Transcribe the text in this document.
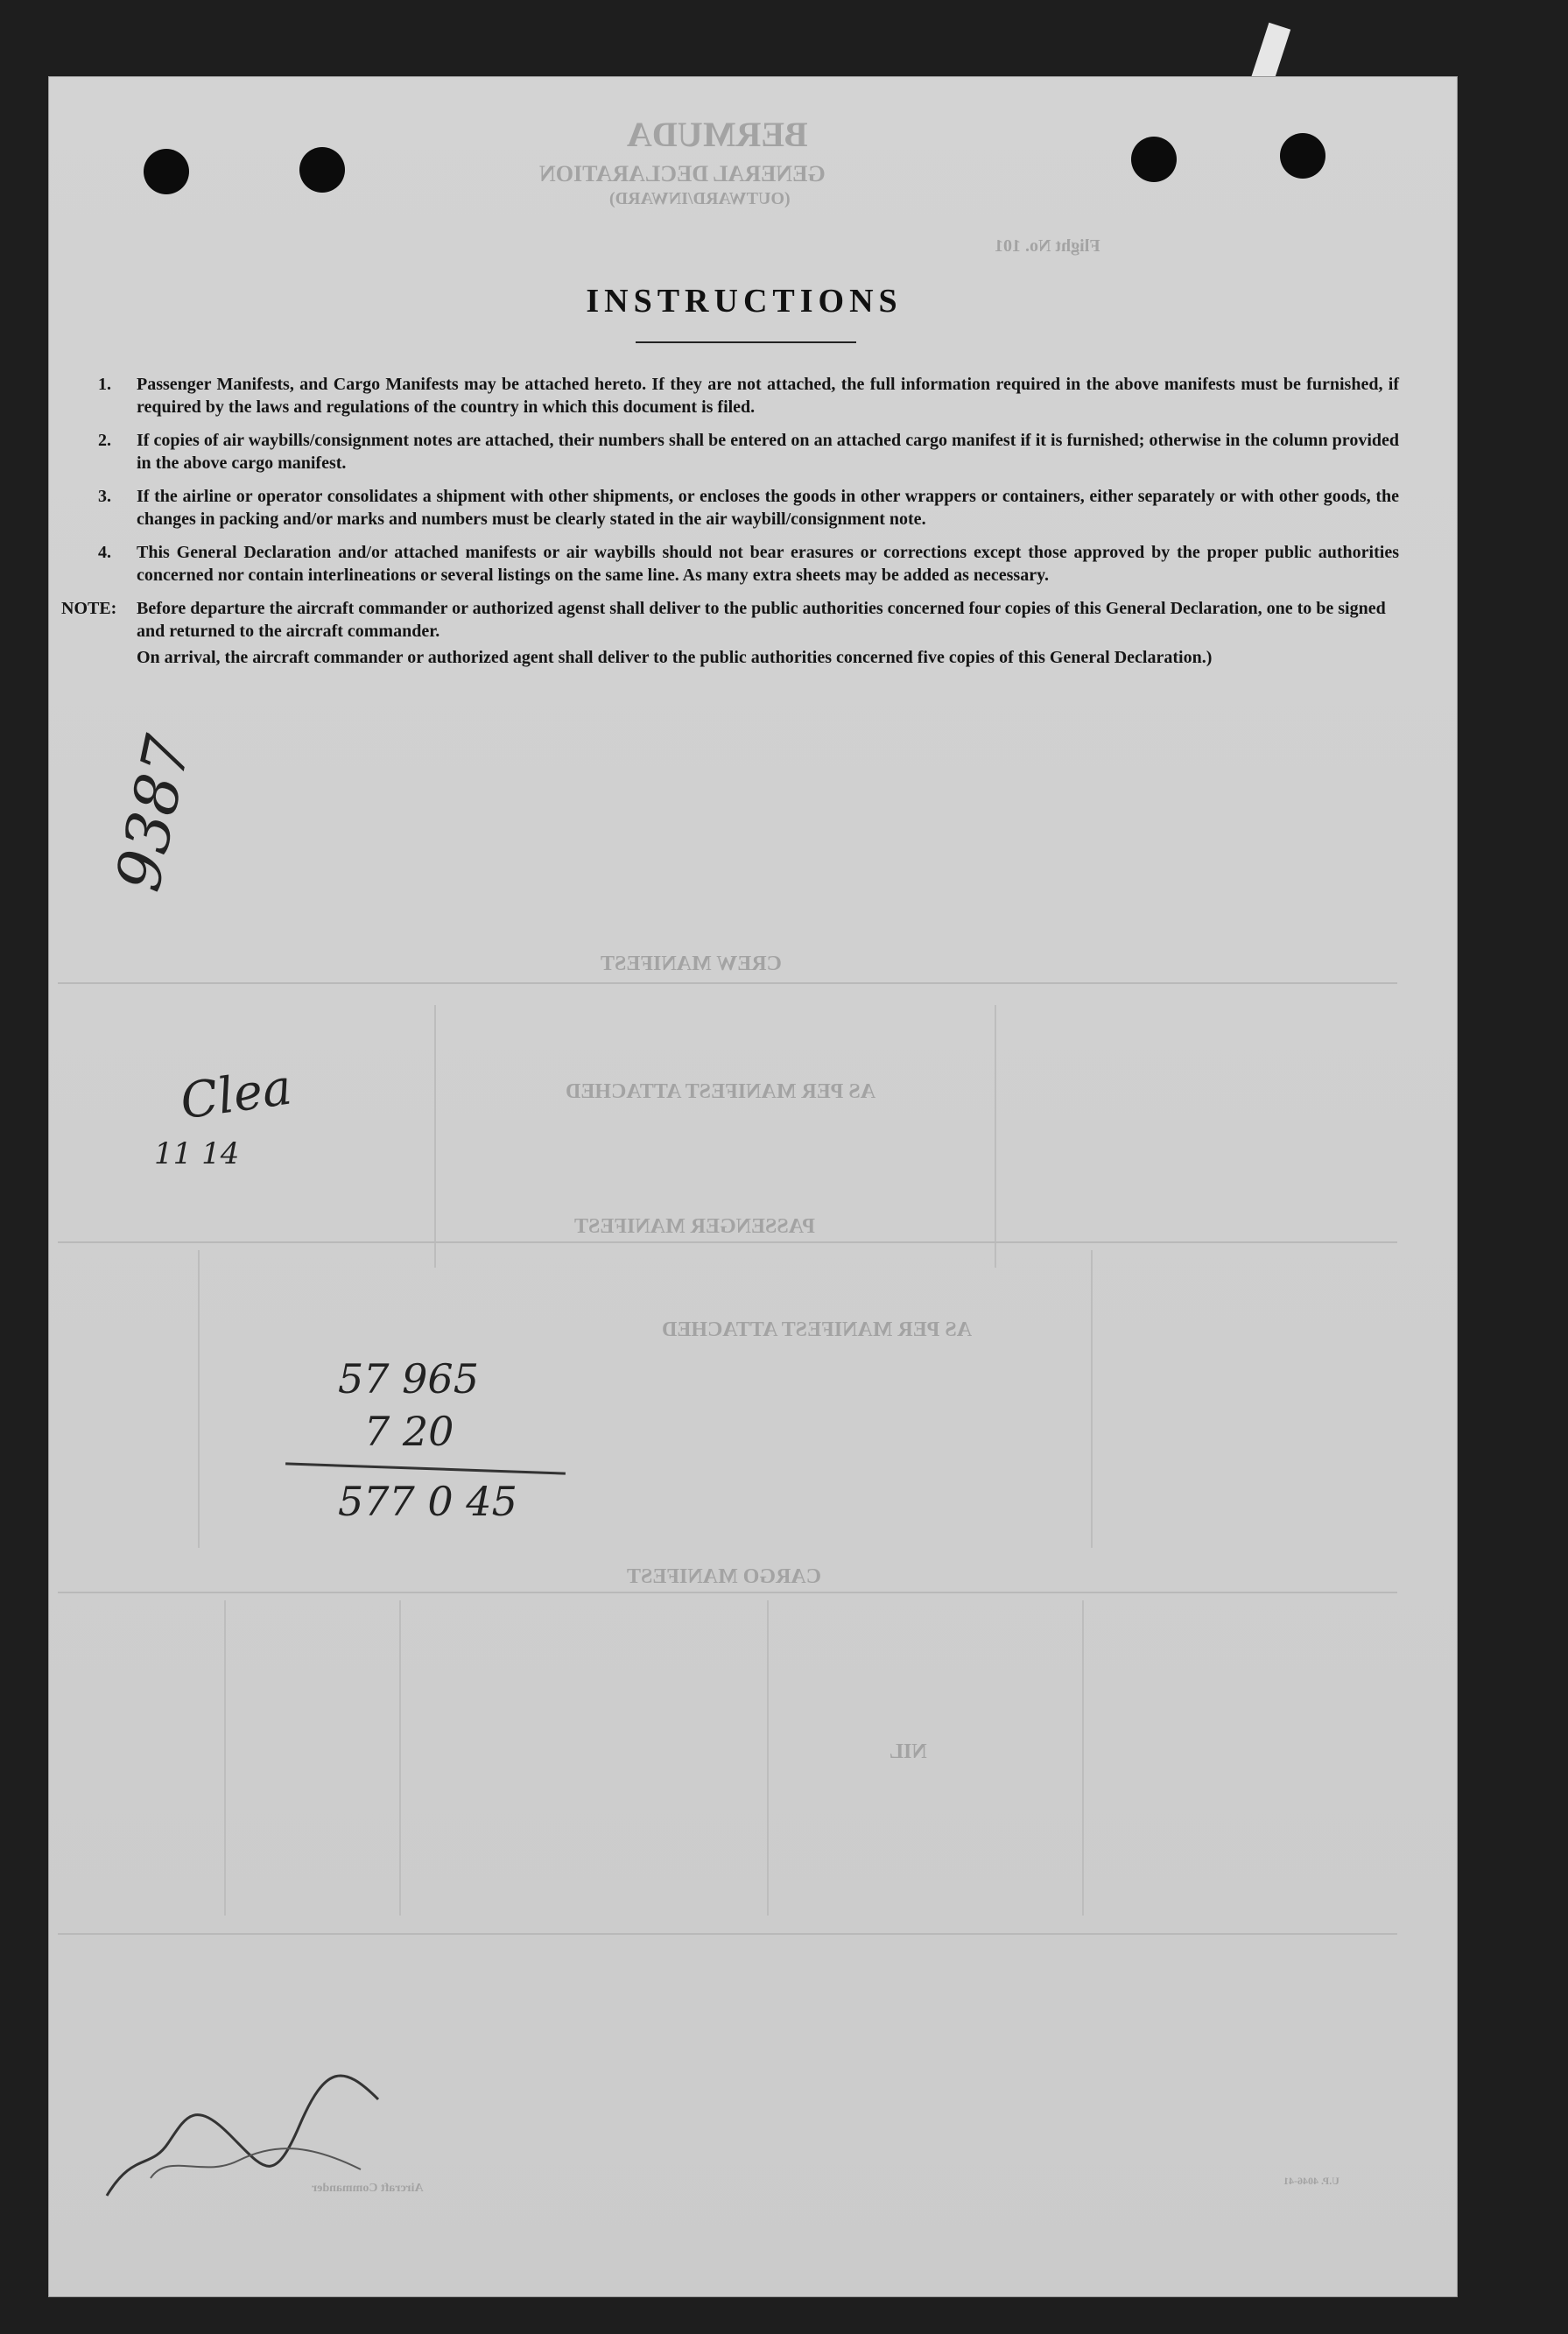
BERMUDA
GENERAL DECLARATION
(OUTWARD/INWARD)
Flight No. 101
CREW MANIFEST
AS PER MANIFEST ATTACHED
PASSENGER MANIFEST
AS PER MANIFEST ATTACHED
CARGO MANIFEST
NIL
Aircraft Commander
U.P. 4046-41
INSTRUCTIONS
1.	Passenger Manifests, and Cargo Manifests may be attached hereto. If they are not attached, the full information required in the above manifests must be furnished, if required by the laws and regulations of the country in which this document is filed.
2.	If copies of air waybills/consignment notes are attached, their numbers shall be entered on an attached cargo manifest if it is furnished; otherwise in the column provided in the above cargo manifest.
3.	If the airline or operator consolidates a shipment with other shipments, or encloses the goods in other wrappers or containers, either separately or with other goods, the changes in packing and/or marks and numbers must be clearly stated in the air waybill/consignment note.
4.	This General Declaration and/or attached manifests or air waybills should not bear erasures or corrections except those approved by the proper public authorities concerned nor contain interlineations or several listings on the same line. As many extra sheets may be added as necessary.
NOTE:	Before departure the aircraft commander or authorized agenst shall deliver to the public authorities concerned four copies of this General Declaration, one to be signed and returned to the aircraft commander.
On arrival, the aircraft commander or authorized agent shall deliver to the public authorities concerned five copies of this General Declaration.)
9387
Clea
11 14
57 965
7 20
577 0 45
